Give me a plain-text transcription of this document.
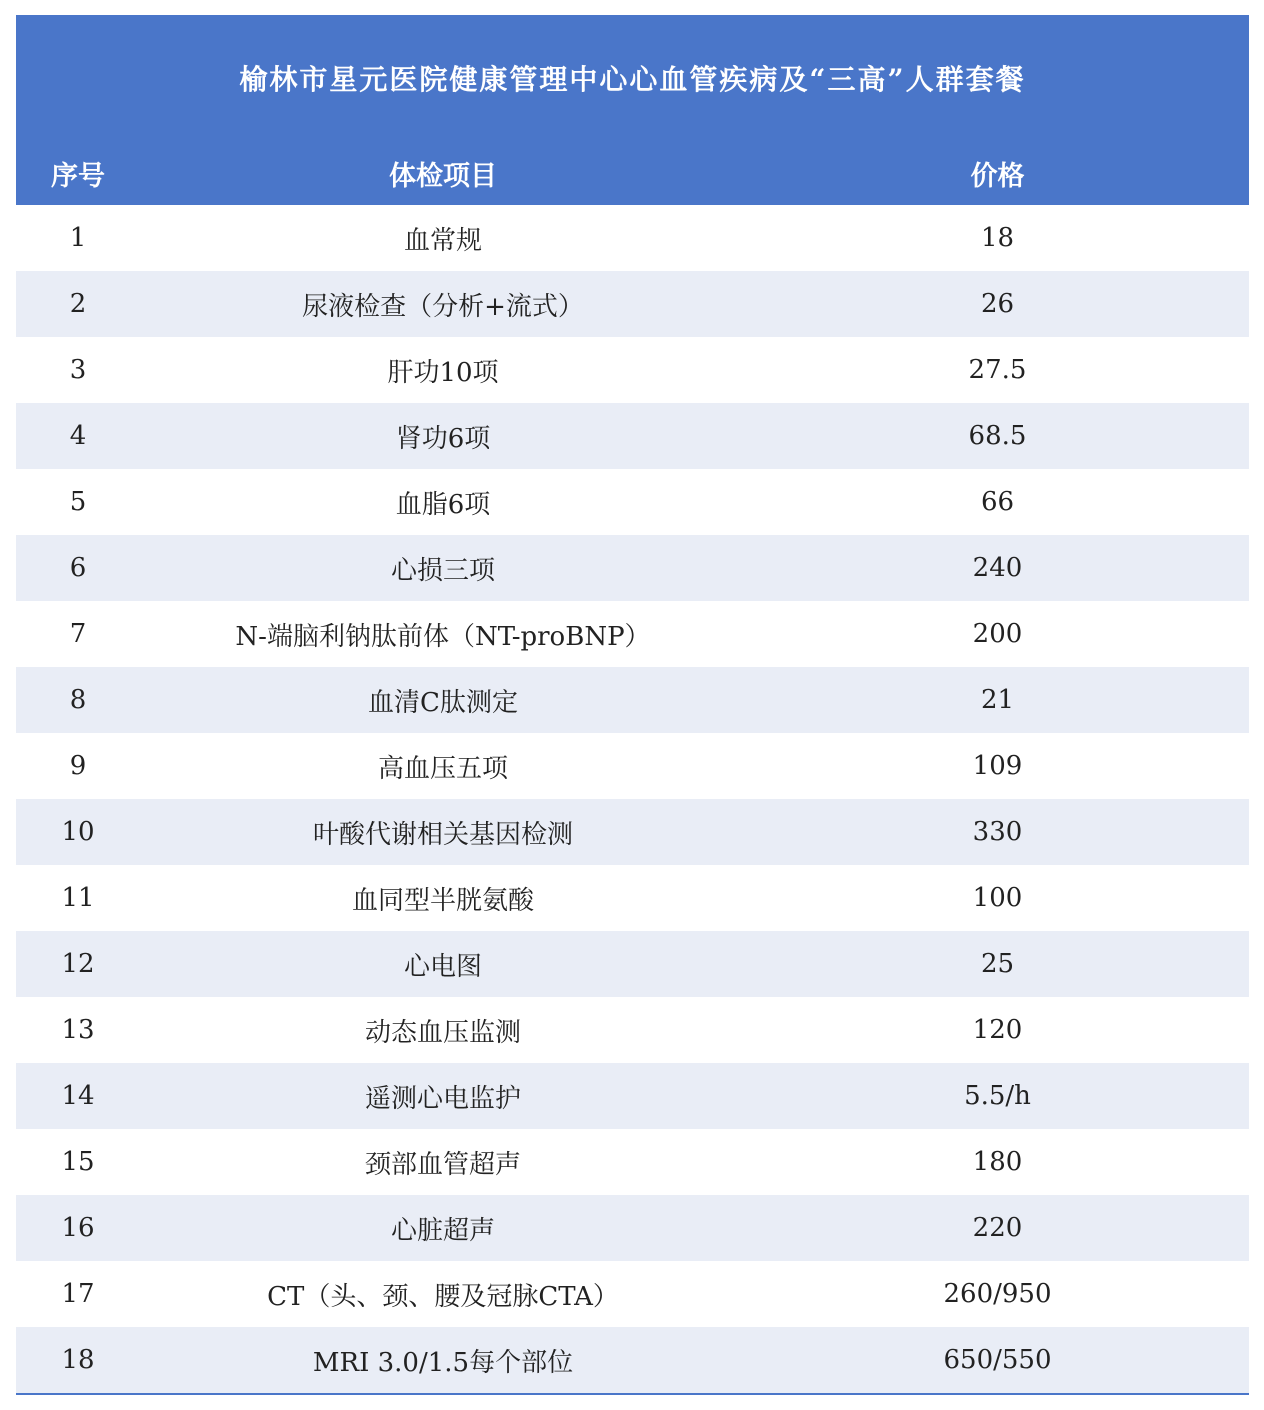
榆林市星元医院健康管理中心心血管疾病及“三高”人群套餐
序号	体检项目	价格
1	血常规	18
2	尿液检查（分析+流式）	26
3	肝功10项	27.5
4	肾功6项	68.5
5	血脂6项	66
6	心损三项	240
7	N-端脑利钠肽前体（NT-proBNP）	200
8	血清C肽测定	21
9	高血压五项	109
10	叶酸代谢相关基因检测	330
11	血同型半胱氨酸	100
12	心电图	25
13	动态血压监测	120
14	遥测心电监护	5.5/h
15	颈部血管超声	180
16	心脏超声	220
17	CT（头、颈、腰及冠脉CTA）	260/950
18	MRI 3.0/1.5每个部位	650/550
